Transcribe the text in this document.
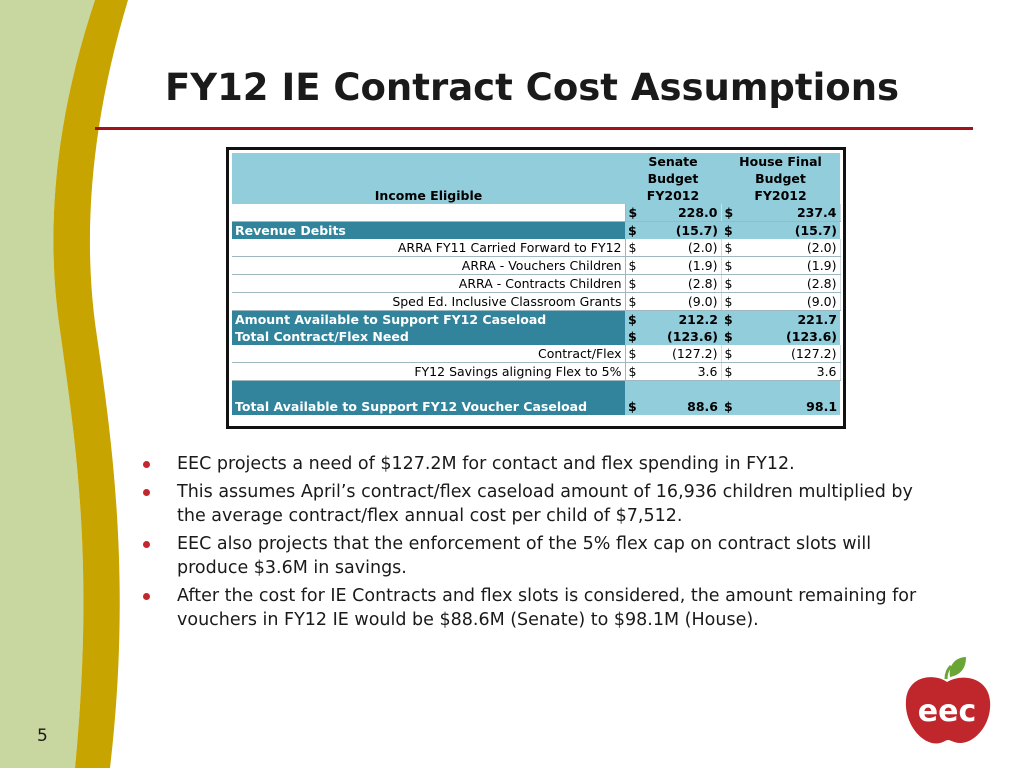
FY12 IE Contract Cost Assumptions
Income Eligible	Senate		House Final	
	Budget		Budget	
	FY2012		FY2012	
	$	228.0	$	237.4
Revenue Debits	$	(15.7)	$	(15.7)
ARRA FY11 Carried Forward to FY12	$	(2.0)	$	(2.0)
ARRA - Vouchers Children	$	(1.9)	$	(1.9)
ARRA - Contracts Children	$	(2.8)	$	(2.8)
Sped Ed. Inclusive Classroom Grants	$	(9.0)	$	(9.0)
Amount Available to Support FY12 Caseload	$	212.2	$	221.7
Total Contract/Flex Need	$	(123.6)	$	(123.6)
Contract/Flex	$	(127.2)	$	(127.2)
FY12 Savings aligning Flex to 5%	$	3.6	$	3.6

Total Available to Support FY12 Voucher Caseload	$	88.6	$	98.1
EEC projects a need of $127.2M for contact and flex spending in FY12.
This assumes April’s contract/flex caseload amount of 16,936 children multiplied by the average contract/flex annual cost per child of $7,512.
EEC also projects that the enforcement of the 5% flex cap on contract slots will produce $3.6M in savings.
After the cost for IE Contracts and flex slots is considered, the amount remaining for vouchers in FY12 IE would be $88.6M (Senate) to $98.1M (House).
5
eec
